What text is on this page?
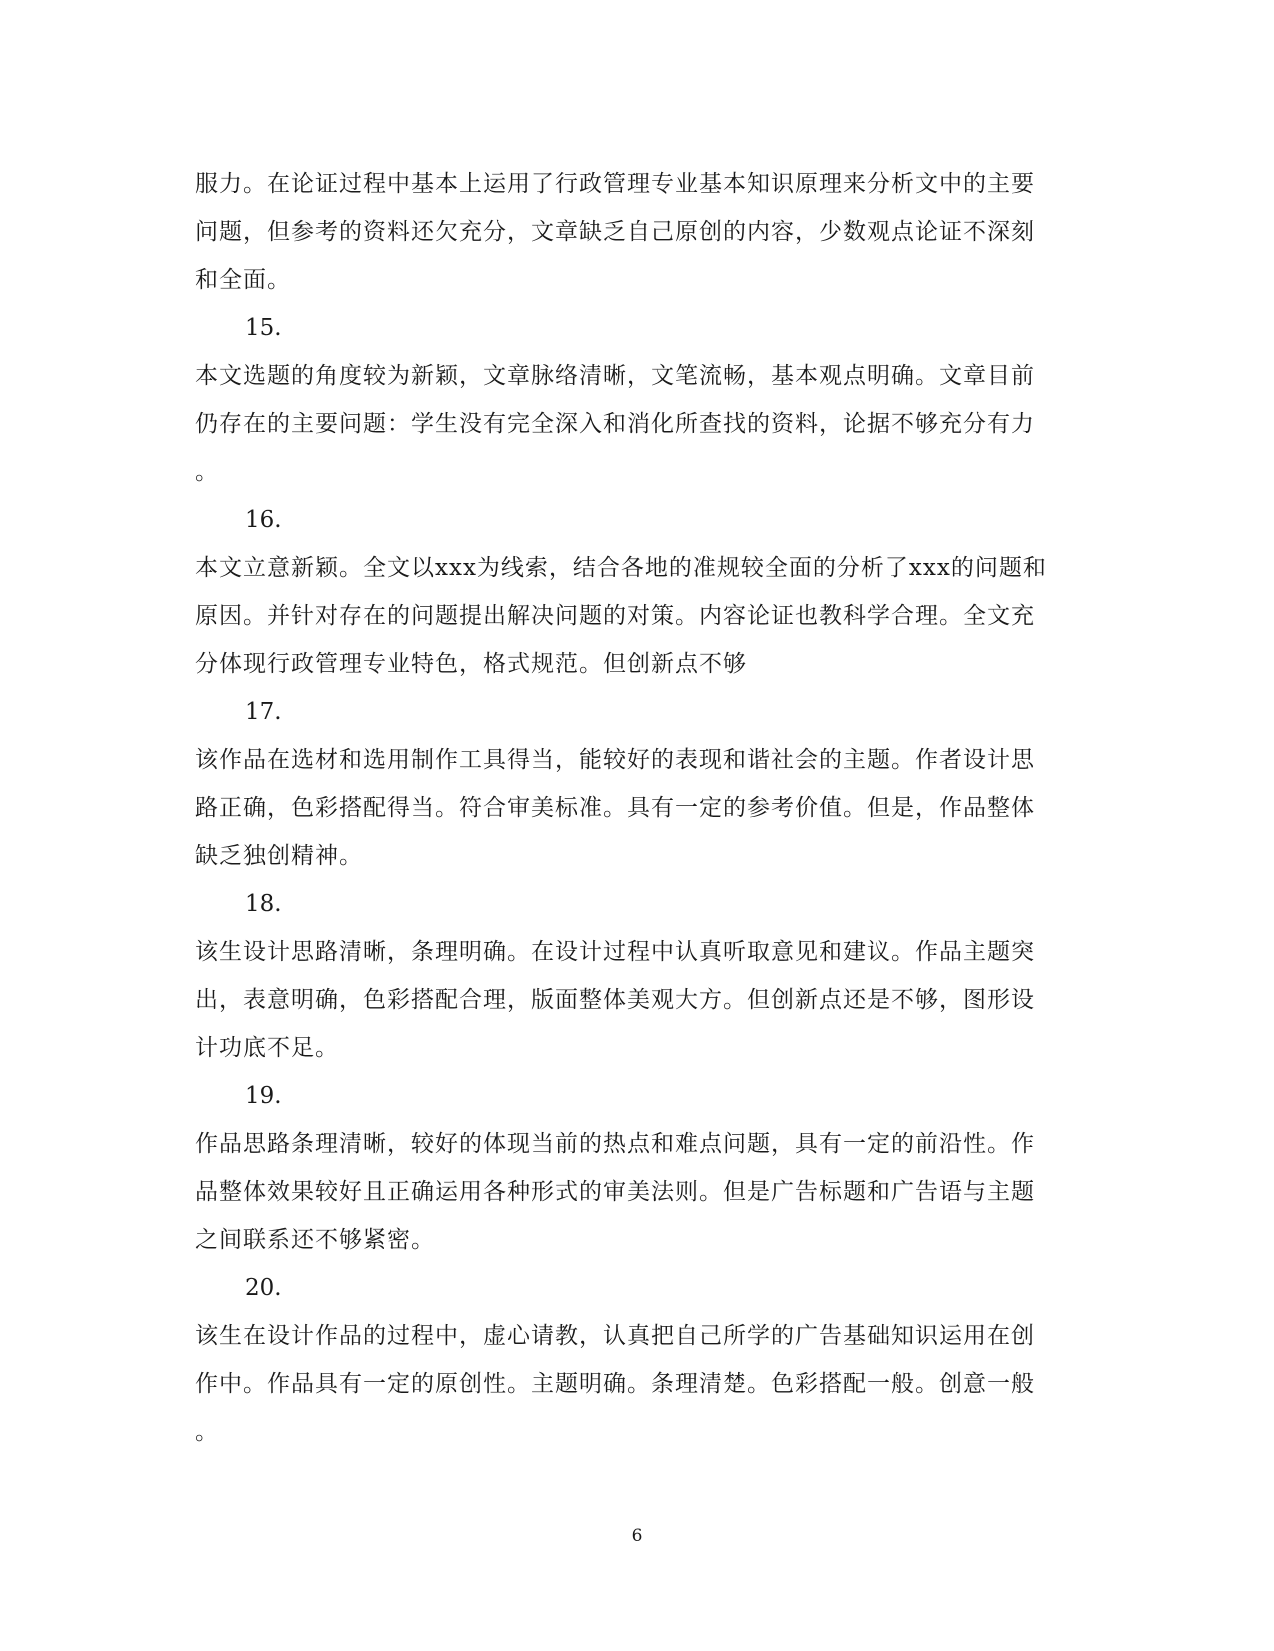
服力。在论证过程中基本上运用了行政管理专业基本知识原理来分析文中的主要
问题，但参考的资料还欠充分，文章缺乏自己原创的内容，少数观点论证不深刻
和全面。
15.
本文选题的角度较为新颖，文章脉络清晰，文笔流畅，基本观点明确。文章目前
仍存在的主要问题：学生没有完全深入和消化所查找的资料，论据不够充分有力
。
16.
本文立意新颖。全文以xxx为线索，结合各地的准规较全面的分析了xxx的问题和
原因。并针对存在的问题提出解决问题的对策。内容论证也教科学合理。全文充
分体现行政管理专业特色，格式规范。但创新点不够
17.
该作品在选材和选用制作工具得当，能较好的表现和谐社会的主题。作者设计思
路正确，色彩搭配得当。符合审美标准。具有一定的参考价值。但是，作品整体
缺乏独创精神。
18.
该生设计思路清晰，条理明确。在设计过程中认真听取意见和建议。作品主题突
出，表意明确，色彩搭配合理，版面整体美观大方。但创新点还是不够，图形设
计功底不足。
19.
作品思路条理清晰，较好的体现当前的热点和难点问题，具有一定的前沿性。作
品整体效果较好且正确运用各种形式的审美法则。但是广告标题和广告语与主题
之间联系还不够紧密。
20.
该生在设计作品的过程中，虚心请教，认真把自己所学的广告基础知识运用在创
作中。作品具有一定的原创性。主题明确。条理清楚。色彩搭配一般。创意一般
。
6
